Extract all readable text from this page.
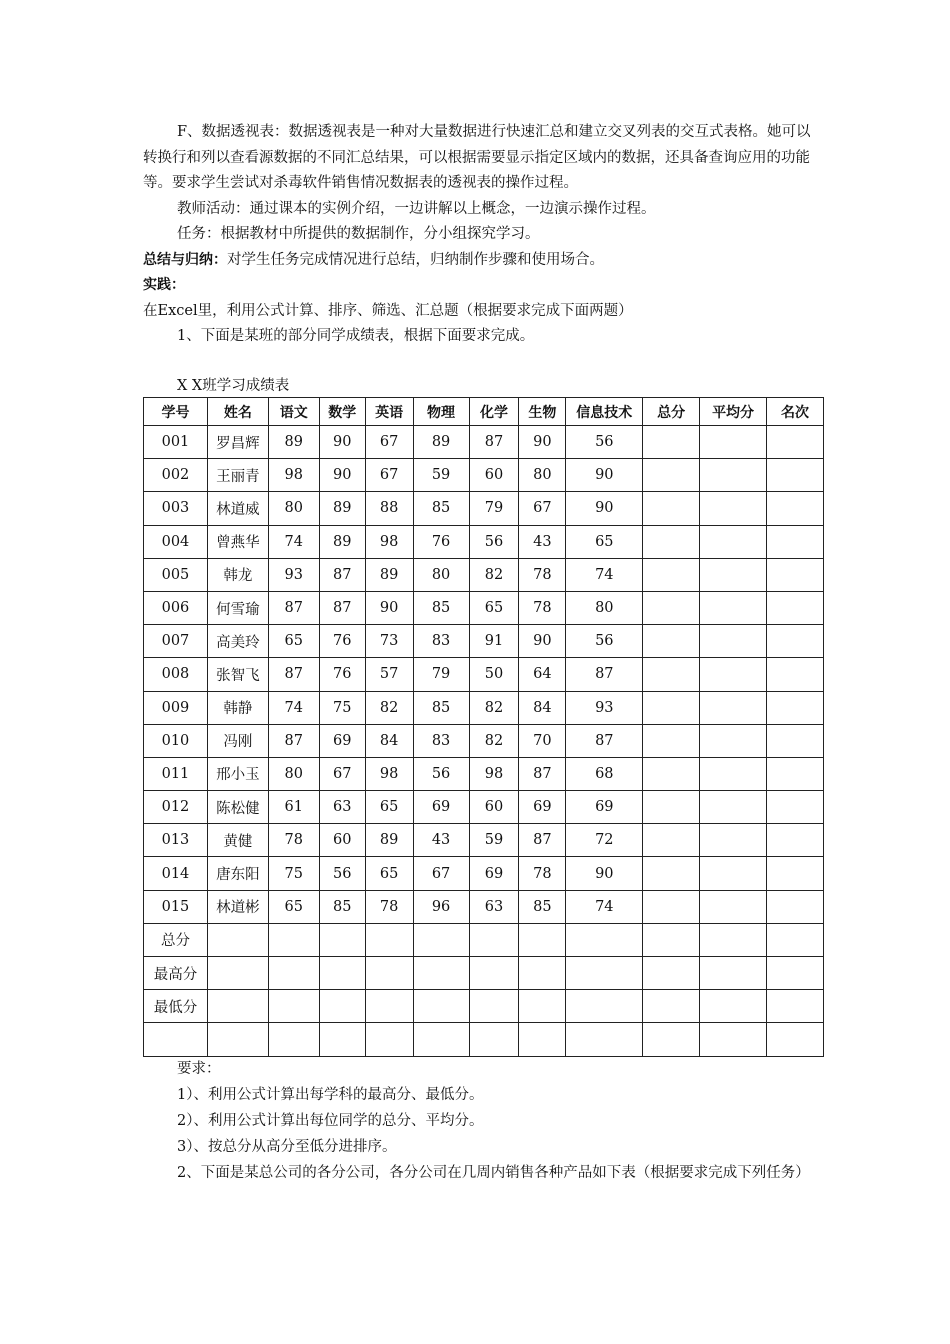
F、数据透视表：数据透视表是一种对大量数据进行快速汇总和建立交叉列表的交互式表格。她可以转换行和列以查看源数据的不同汇总结果，可以根据需要显示指定区域内的数据，还具备查询应用的功能等。要求学生尝试对杀毒软件销售情况数据表的透视表的操作过程。

教师活动：通过课本的实例介绍，一边讲解以上概念，一边演示操作过程。

任务：根据教材中所提供的数据制作，分小组探究学习。

总结与归纳：对学生任务完成情况进行总结，归纳制作步骤和使用场合。

实践：

在Excel里，利用公式计算、排序、筛选、汇总题（根据要求完成下面两题）

1、下面是某班的部分同学成绩表，根据下面要求完成。

X X班学习成绩表
学号	姓名	语文	数学	英语	物理	化学	生物	信息技术	总分	平均分	名次
001	罗昌辉	89	90	67	89	87	90	56			
002	王丽青	98	90	67	59	60	80	90			
003	林道威	80	89	88	85	79	67	90			
004	曾燕华	74	89	98	76	56	43	65			
005	韩龙	93	87	89	80	82	78	74			
006	何雪瑜	87	87	90	85	65	78	80			
007	高美玲	65	76	73	83	91	90	56			
008	张智飞	87	76	57	79	50	64	87			
009	韩静	74	75	82	85	82	84	93			
010	冯刚	87	69	84	83	82	70	87			
011	邢小玉	80	67	98	56	98	87	68			
012	陈松健	61	63	65	69	60	69	69			
013	黄健	78	60	89	43	59	87	72			
014	唐东阳	75	56	65	67	69	78	90			
015	林道彬	65	85	78	96	63	85	74			
总分											
最高分											
最低分											

要求：

1）、利用公式计算出每学科的最高分、最低分。

2）、利用公式计算出每位同学的总分、平均分。

3）、按总分从高分至低分进排序。

2、下面是某总公司的各分公司，各分公司在几周内销售各种产品如下表（根据要求完成下列任务）
